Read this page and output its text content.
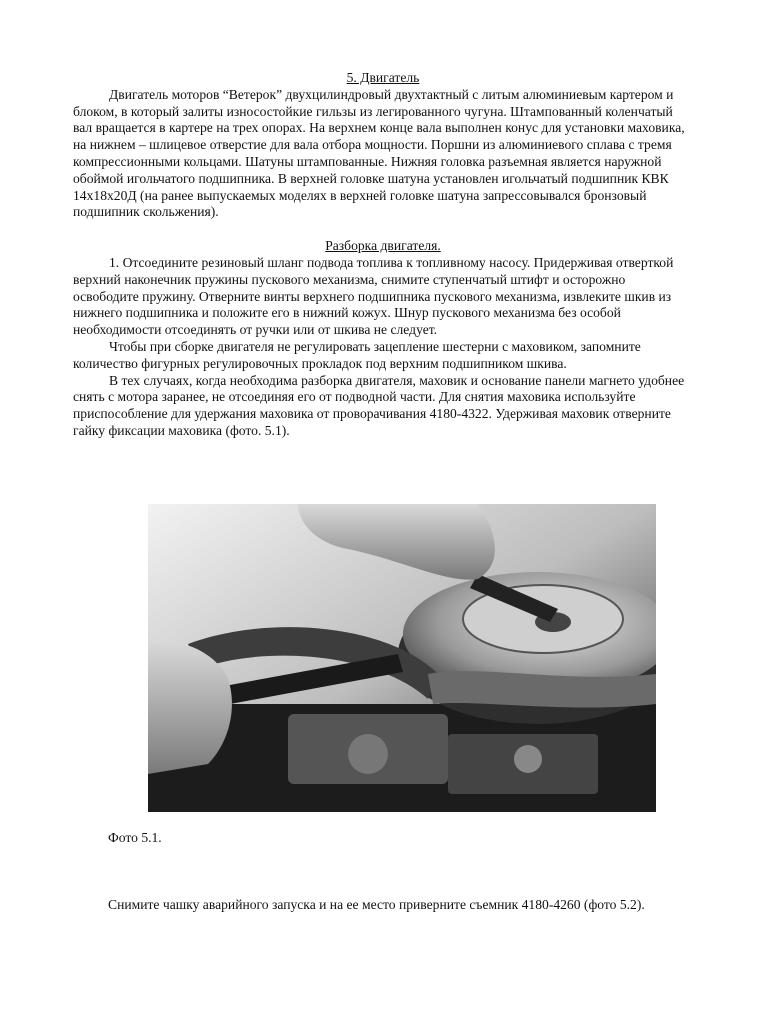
5. Двигатель
Двигатель моторов “Ветерок” двухцилиндровый двухтактный с литым алюминиевым картером и блоком, в который залиты износостойкие гильзы из легированного чугуна. Штампованный коленчатый вал вращается в картере на трех опорах. На верхнем конце вала выполнен конус для установки маховика, на нижнем – шлицевое отверстие для вала отбора мощности. Поршни из алюминиевого сплава с тремя компрессионными кольцами. Шатуны штампованные. Нижняя головка разъемная является наружной обоймой игольчатого подшипника. В верхней головке шатуна установлен игольчатый подшипник КВК 14х18х20Д (на ранее выпускаемых моделях в верхней головке шатуна запрессовывался бронзовый подшипник скольжения).
Разборка двигателя.
1. Отсоедините резиновый шланг подвода топлива к топливному насосу. Придерживая отверткой верхний наконечник пружины пускового механизма, снимите ступенчатый штифт и осторожно освободите пружину. Отверните винты верхнего подшипника пускового механизма, извлеките шкив из нижнего подшипника и положите его в нижний кожух. Шнур пускового механизма без особой необходимости отсоединять от ручки или от шкива не следует.
Чтобы при сборке двигателя не регулировать зацепление шестерни с маховиком, запомните количество фигурных регулировочных прокладок под верхним подшипником шкива.
В тех случаях, когда необходима разборка двигателя, маховик и основание панели магнето удобнее снять с мотора заранее, не отсоединяя его от подводной части. Для снятия маховика используйте приспособление для удержания маховика от проворачивания 4180-4322. Удерживая маховик отверните гайку фиксации маховика (фото. 5.1).
Фото 5.1.
Снимите чашку аварийного запуска и на ее место приверните съемник 4180-4260 (фото 5.2).
